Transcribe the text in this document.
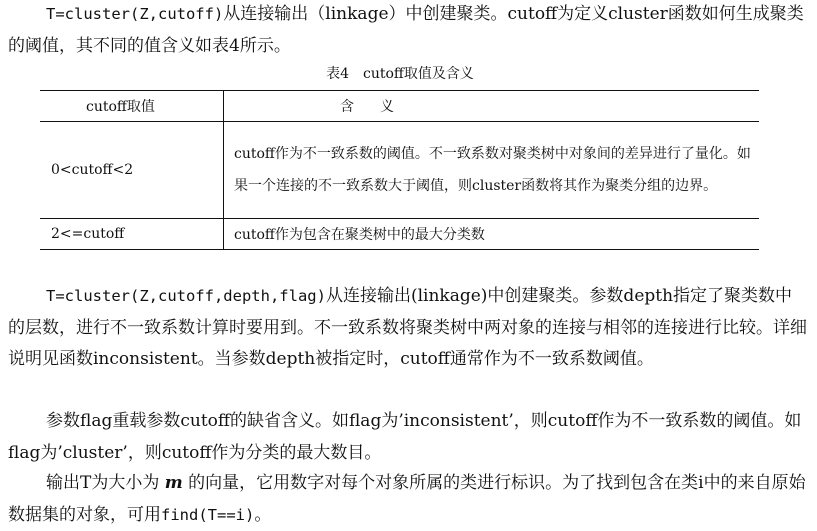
T=cluster(Z,cutoff)从连接输出（linkage）中创建聚类。cutoff为定义cluster函数如何生成聚类的阈值，其不同的值含义如表4所示。

表4　cutoff取值及含义
cutoff取值	含义
0<cutoff<2
cutoff作为不一致系数的阈值。不一致系数对聚类树中对象间的差异进行了量化。如果一个连接的不一致系数大于阈值，则cluster函数将其作为聚类分组的边界。
2<=cutoff	cutoff作为包含在聚类树中的最大分类数

T=cluster(Z,cutoff,depth,flag)从连接输出(linkage)中创建聚类。参数depth指定了聚类数中的层数，进行不一致系数计算时要用到。不一致系数将聚类树中两对象的连接与相邻的连接进行比较。详细说明见函数inconsistent。当参数depth被指定时，cutoff通常作为不一致系数阈值。

参数flag重载参数cutoff的缺省含义。如flag为’inconsistent’，则cutoff作为不一致系数的阈值。如flag为’cluster’，则cutoff作为分类的最大数目。

输出T为大小为 m 的向量，它用数字对每个对象所属的类进行标识。为了找到包含在类i中的来自原始数据集的对象，可用find(T==i)。
